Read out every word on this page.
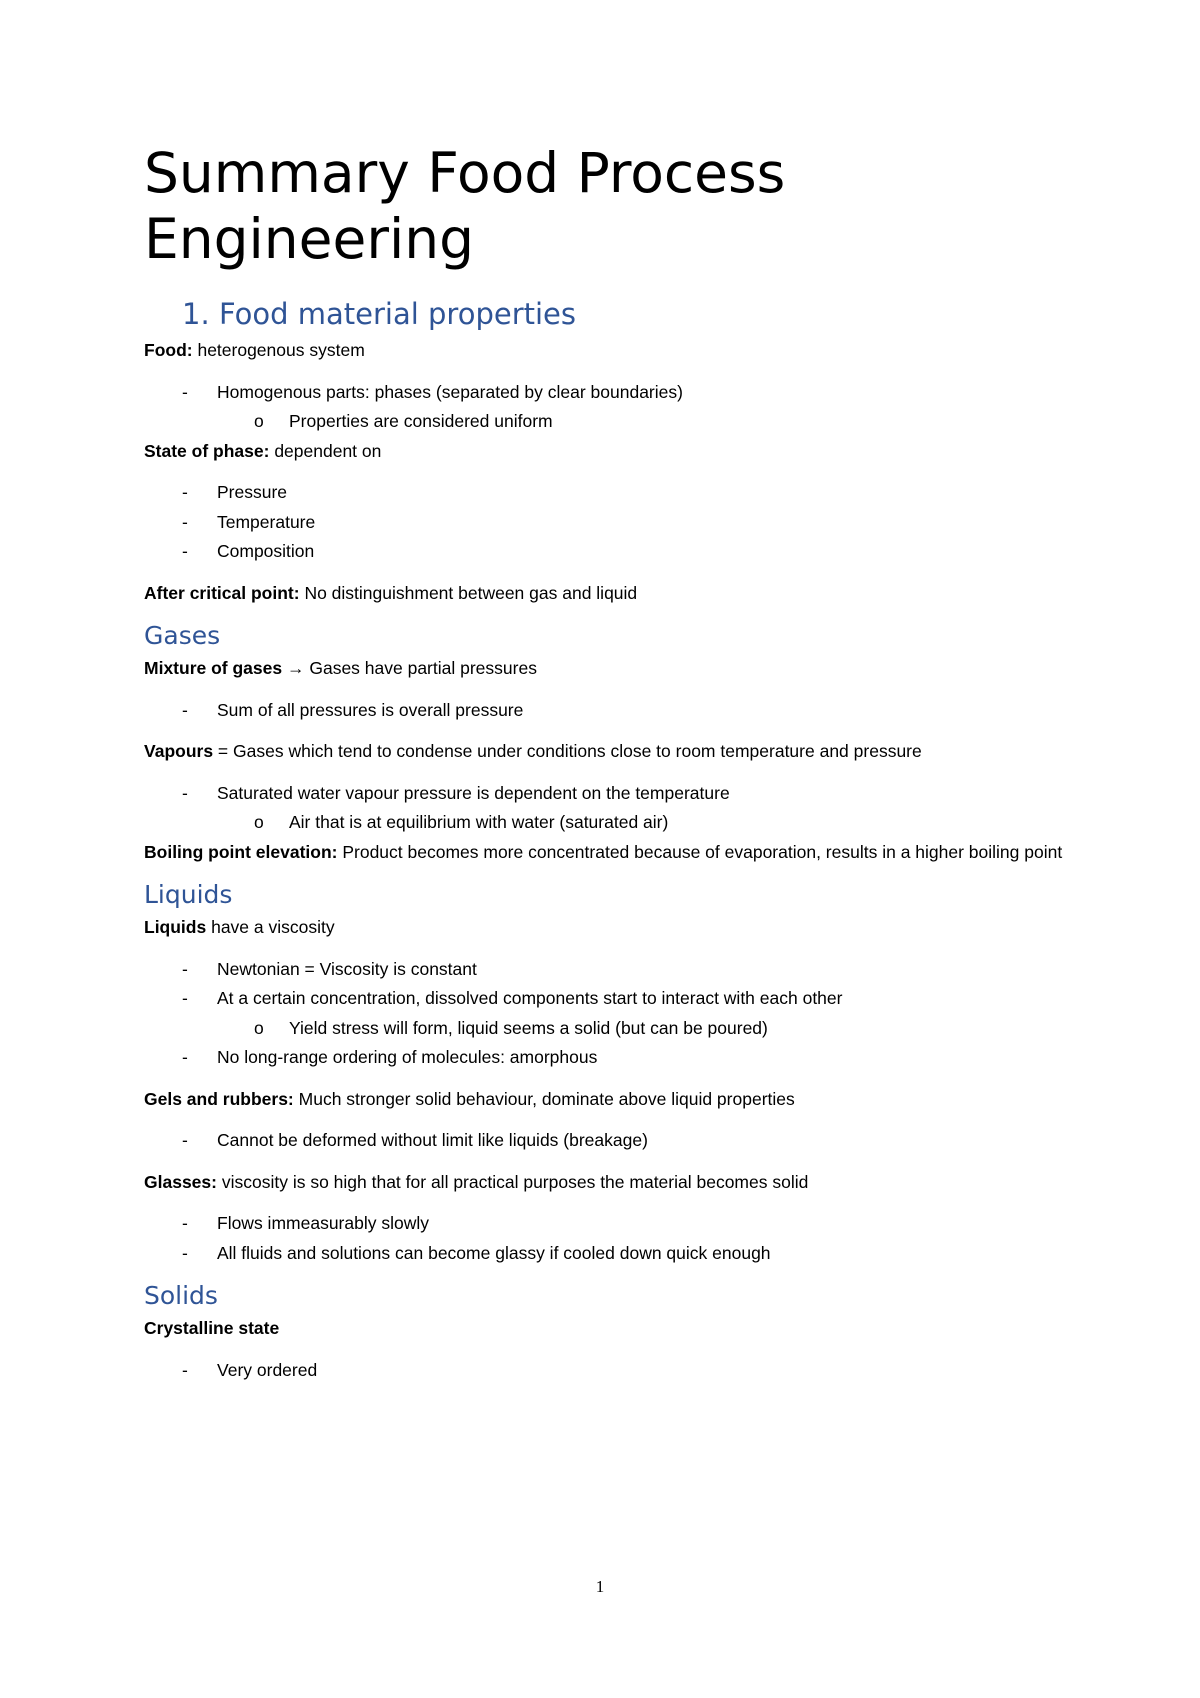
Summary Food Process
Engineering
1. Food material properties

Food: heterogenous system

- Homogenous parts: phases (separated by clear boundaries)
o Properties are considered uniform

State of phase: dependent on

- Pressure
- Temperature
- Composition

After critical point: No distinguishment between gas and liquid

Gases

Mixture of gases → Gases have partial pressures

- Sum of all pressures is overall pressure

Vapours = Gases which tend to condense under conditions close to room temperature and pressure

- Saturated water vapour pressure is dependent on the temperature
o Air that is at equilibrium with water (saturated air)

Boiling point elevation: Product becomes more concentrated because of evaporation, results in a higher boiling point

Liquids

Liquids have a viscosity

- Newtonian = Viscosity is constant
- At a certain concentration, dissolved components start to interact with each other
o Yield stress will form, liquid seems a solid (but can be poured)
- No long-range ordering of molecules: amorphous

Gels and rubbers: Much stronger solid behaviour, dominate above liquid properties

- Cannot be deformed without limit like liquids (breakage)

Glasses: viscosity is so high that for all practical purposes the material becomes solid

- Flows immeasurably slowly
- All fluids and solutions can become glassy if cooled down quick enough
Solids

Crystalline state

- Very ordered
1
